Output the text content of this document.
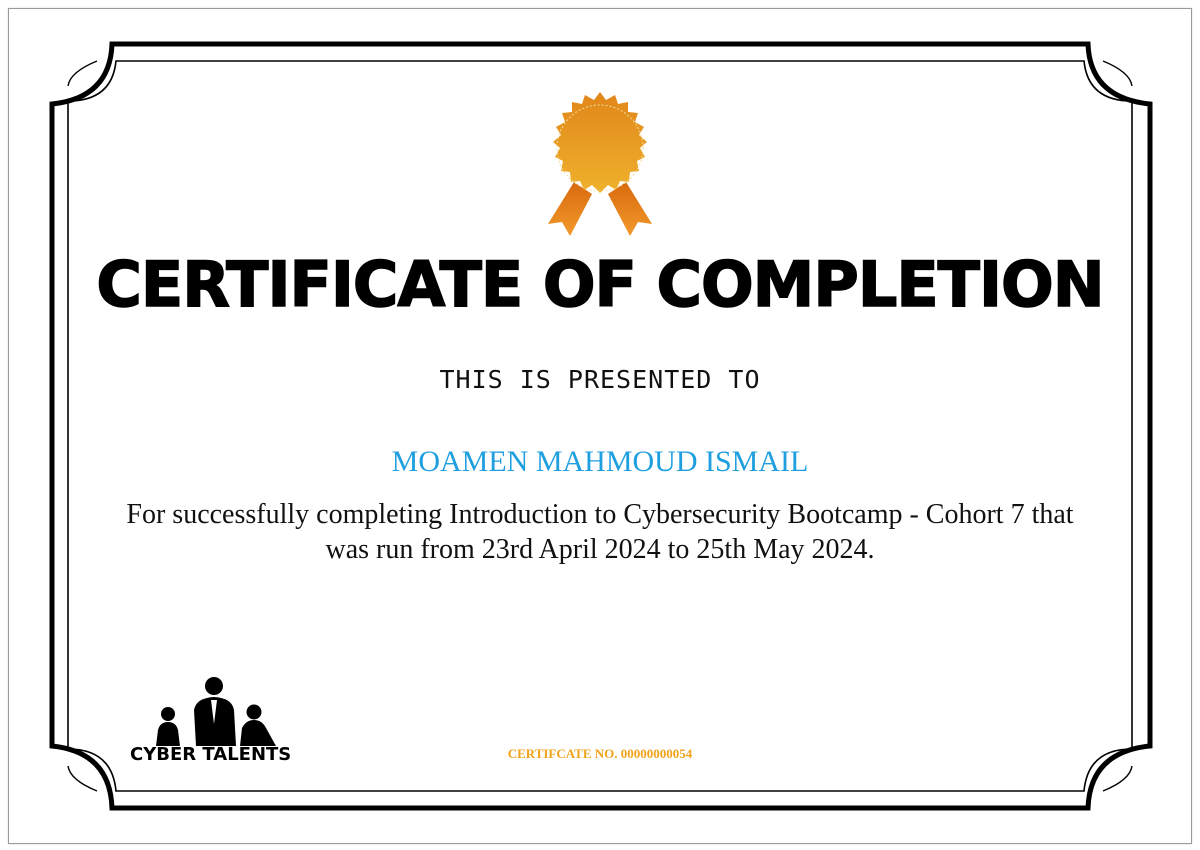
CERTIFICATE OF COMPLETION
THIS IS PRESENTED TO
MOAMEN MAHMOUD ISMAIL
For successfully completing Introduction to Cybersecurity Bootcamp - Cohort 7 that was run from 23rd April 2024 to 25th May 2024.
CYBER TALENTS	CERTIFCATE NO. 00000000054
